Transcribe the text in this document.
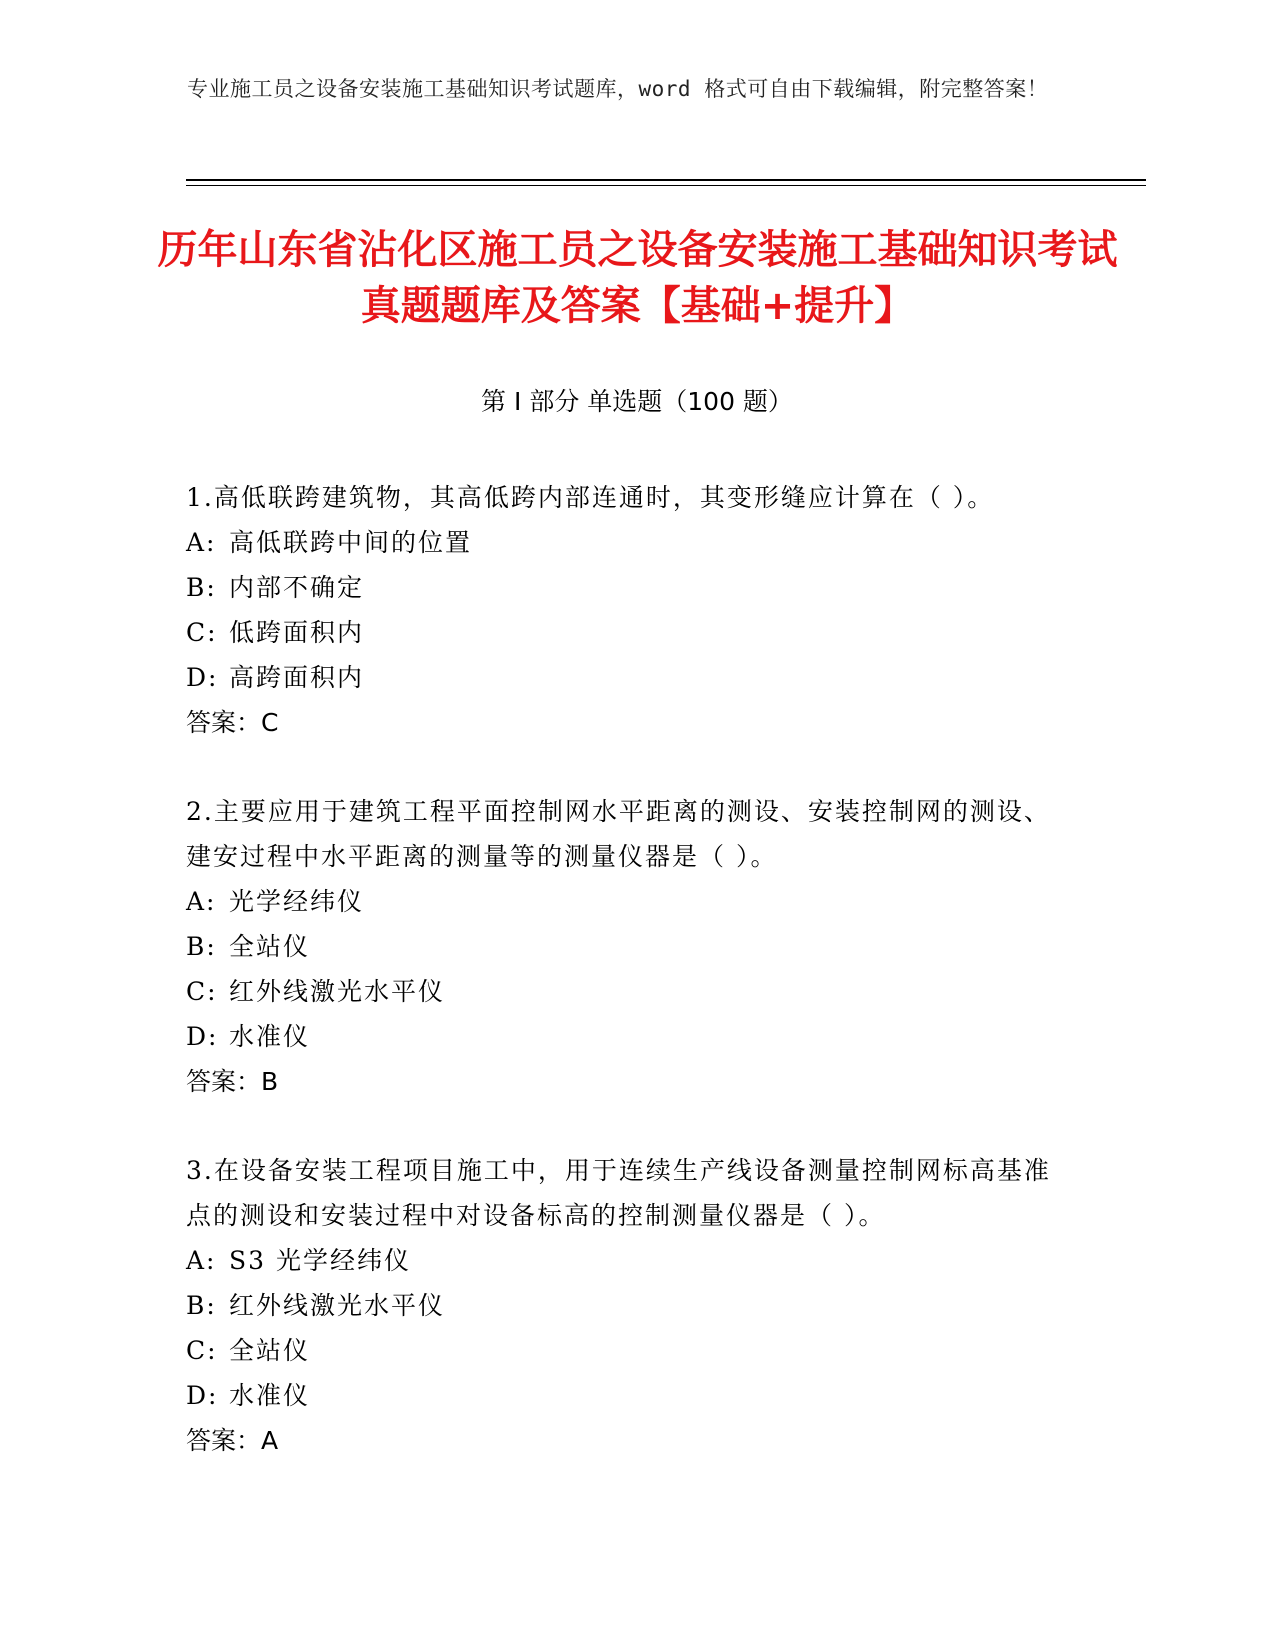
专业施工员之设备安装施工基础知识考试题库，word 格式可自由下载编辑，附完整答案！
历年山东省沾化区施工员之设备安装施工基础知识考试真题题库及答案【基础+提升】
第 I 部分 单选题（100 题）

1.高低联跨建筑物，其高低跨内部连通时，其变形缝应计算在（ ）。

A: 高低联跨中间的位置

B: 内部不确定

C: 低跨面积内

D: 高跨面积内

答案：C

2.主要应用于建筑工程平面控制网水平距离的测设、安装控制网的测设、建安过程中水平距离的测量等的测量仪器是（ ）。

A: 光学经纬仪

B: 全站仪

C: 红外线激光水平仪

D: 水准仪

答案：B

3.在设备安装工程项目施工中，用于连续生产线设备测量控制网标高基准点的测设和安装过程中对设备标高的控制测量仪器是（ ）。

A: S3 光学经纬仪

B: 红外线激光水平仪

C: 全站仪

D: 水准仪

答案：A
